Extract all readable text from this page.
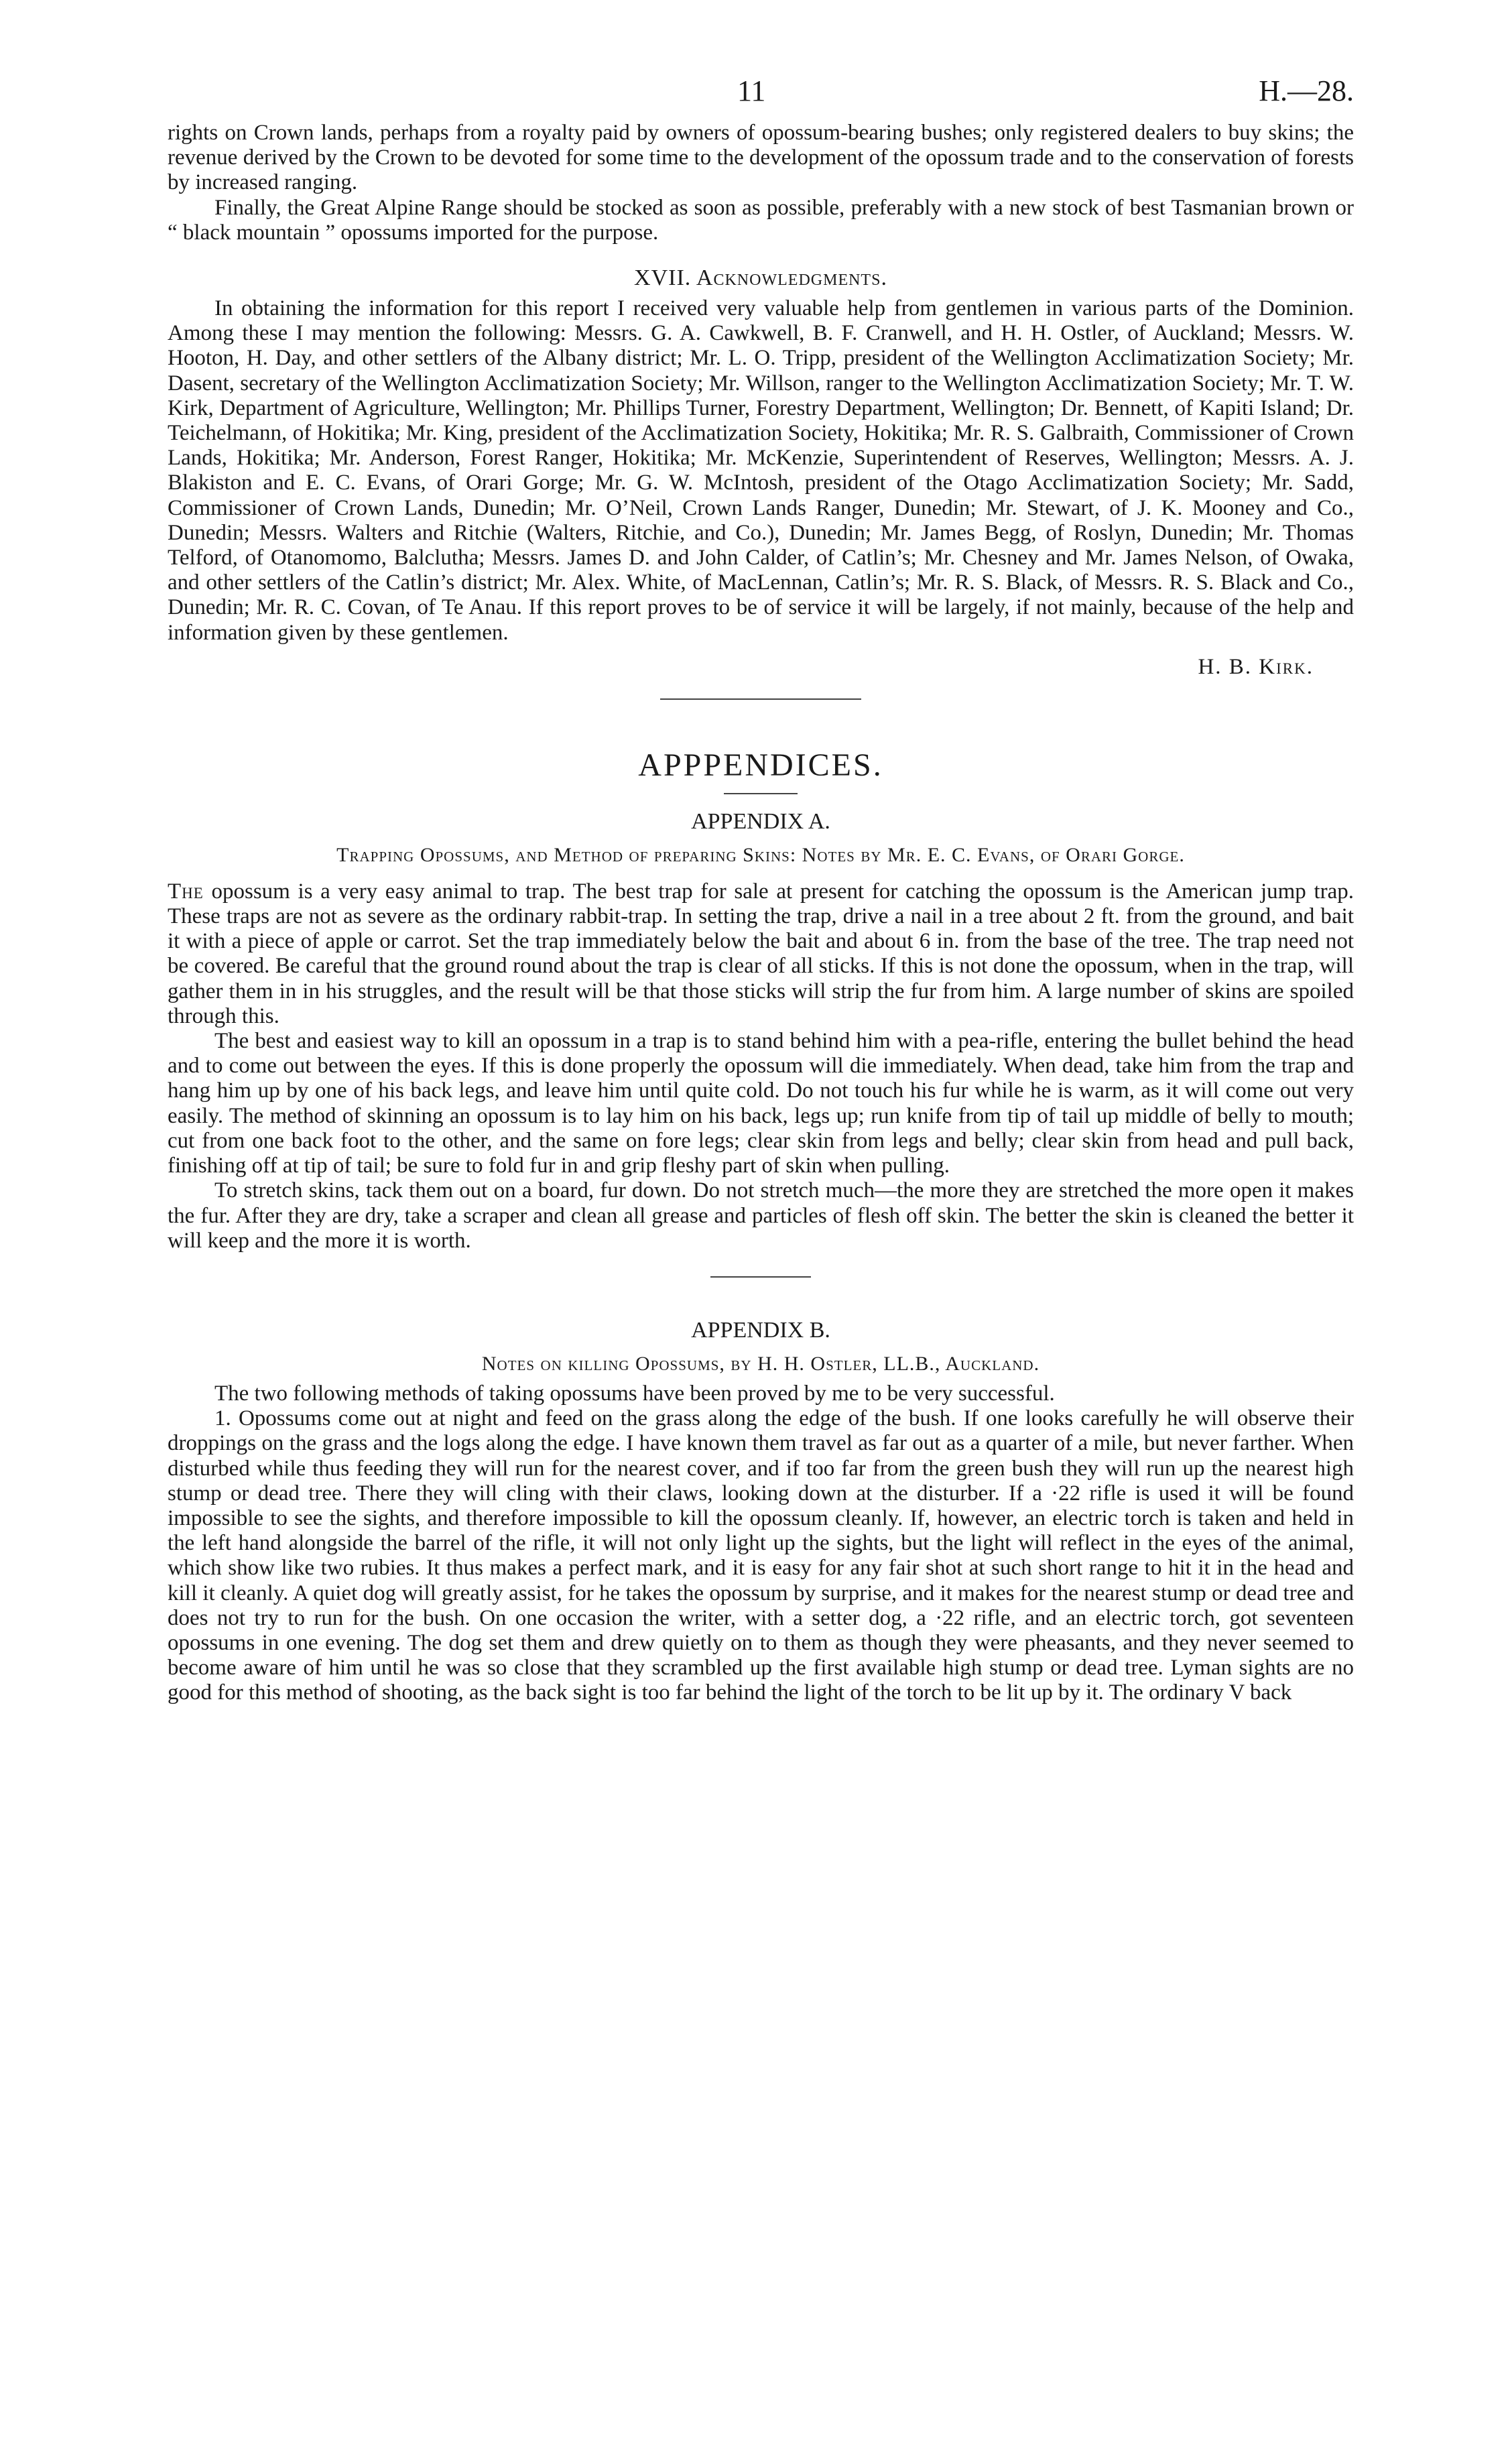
11	H.—28.

rights on Crown lands, perhaps from a royalty paid by owners of opossum-bearing bushes; only registered dealers to buy skins; the revenue derived by the Crown to be devoted for some time to the development of the opossum trade and to the conservation of forests by increased ranging.

Finally, the Great Alpine Range should be stocked as soon as possible, preferably with a new stock of best Tasmanian brown or “ black mountain ” opossums imported for the purpose.

XVII. Acknowledgments.

In obtaining the information for this report I received very valuable help from gentlemen in various parts of the Dominion. Among these I may mention the following: Messrs. G. A. Cawkwell, B. F. Cranwell, and H. H. Ostler, of Auckland; Messrs. W. Hooton, H. Day, and other settlers of the Albany district; Mr. L. O. Tripp, president of the Wellington Acclimatization Society; Mr. Dasent, secretary of the Wellington Acclimatization Society; Mr. Willson, ranger to the Wellington Acclimatization Society; Mr. T. W. Kirk, Department of Agriculture, Wellington; Mr. Phillips Turner, Forestry Department, Wellington; Dr. Bennett, of Kapiti Island; Dr. Teichelmann, of Hokitika; Mr. King, president of the Acclimatization Society, Hokitika; Mr. R. S. Galbraith, Commissioner of Crown Lands, Hokitika; Mr. Anderson, Forest Ranger, Hokitika; Mr. McKenzie, Superintendent of Reserves, Wellington; Messrs. A. J. Blakiston and E. C. Evans, of Orari Gorge; Mr. G. W. McIntosh, president of the Otago Acclimatization Society; Mr. Sadd, Commissioner of Crown Lands, Dunedin; Mr. O’Neil, Crown Lands Ranger, Dunedin; Mr. Stewart, of J. K. Mooney and Co., Dunedin; Messrs. Walters and Ritchie (Walters, Ritchie, and Co.), Dunedin; Mr. James Begg, of Roslyn, Dunedin; Mr. Thomas Telford, of Otanomomo, Balclutha; Messrs. James D. and John Calder, of Catlin’s; Mr. Chesney and Mr. James Nelson, of Owaka, and other settlers of the Catlin’s district; Mr. Alex. White, of MacLennan, Catlin’s; Mr. R. S. Black, of Messrs. R. S. Black and Co., Dunedin; Mr. R. C. Covan, of Te Anau. If this report proves to be of service it will be largely, if not mainly, because of the help and information given by these gentlemen.

H. B. Kirk.
APPPENDICES.
APPENDIX A.

Trapping Opossums, and Method of preparing Skins: Notes by Mr. E. C. Evans, of Orari Gorge.

The opossum is a very easy animal to trap. The best trap for sale at present for catching the opossum is the American jump trap. These traps are not as severe as the ordinary rabbit-trap. In setting the trap, drive a nail in a tree about 2 ft. from the ground, and bait it with a piece of apple or carrot. Set the trap immediately below the bait and about 6 in. from the base of the tree. The trap need not be covered. Be careful that the ground round about the trap is clear of all sticks. If this is not done the opossum, when in the trap, will gather them in in his struggles, and the result will be that those sticks will strip the fur from him. A large number of skins are spoiled through this.

The best and easiest way to kill an opossum in a trap is to stand behind him with a pea-rifle, entering the bullet behind the head and to come out between the eyes. If this is done properly the opossum will die immediately. When dead, take him from the trap and hang him up by one of his back legs, and leave him until quite cold. Do not touch his fur while he is warm, as it will come out very easily. The method of skinning an opossum is to lay him on his back, legs up; run knife from tip of tail up middle of belly to mouth; cut from one back foot to the other, and the same on fore legs; clear skin from legs and belly; clear skin from head and pull back, finishing off at tip of tail; be sure to fold fur in and grip fleshy part of skin when pulling.

To stretch skins, tack them out on a board, fur down. Do not stretch much—the more they are stretched the more open it makes the fur. After they are dry, take a scraper and clean all grease and particles of flesh off skin. The better the skin is cleaned the better it will keep and the more it is worth.

APPENDIX B.

Notes on killing Opossums, by H. H. Ostler, LL.B., Auckland.

The two following methods of taking opossums have been proved by me to be very successful.

1. Opossums come out at night and feed on the grass along the edge of the bush. If one looks carefully he will observe their droppings on the grass and the logs along the edge. I have known them travel as far out as a quarter of a mile, but never farther. When disturbed while thus feeding they will run for the nearest cover, and if too far from the green bush they will run up the nearest high stump or dead tree. There they will cling with their claws, looking down at the disturber. If a ·22 rifle is used it will be found impossible to see the sights, and therefore impossible to kill the opossum cleanly. If, however, an electric torch is taken and held in the left hand alongside the barrel of the rifle, it will not only light up the sights, but the light will reflect in the eyes of the animal, which show like two rubies. It thus makes a perfect mark, and it is easy for any fair shot at such short range to hit it in the head and kill it cleanly. A quiet dog will greatly assist, for he takes the opossum by surprise, and it makes for the nearest stump or dead tree and does not try to run for the bush. On one occasion the writer, with a setter dog, a ·22 rifle, and an electric torch, got seventeen opossums in one evening. The dog set them and drew quietly on to them as though they were pheasants, and they never seemed to become aware of him until he was so close that they scrambled up the first available high stump or dead tree. Lyman sights are no good for this method of shooting, as the back sight is too far behind the light of the torch to be lit up by it. The ordinary V back
